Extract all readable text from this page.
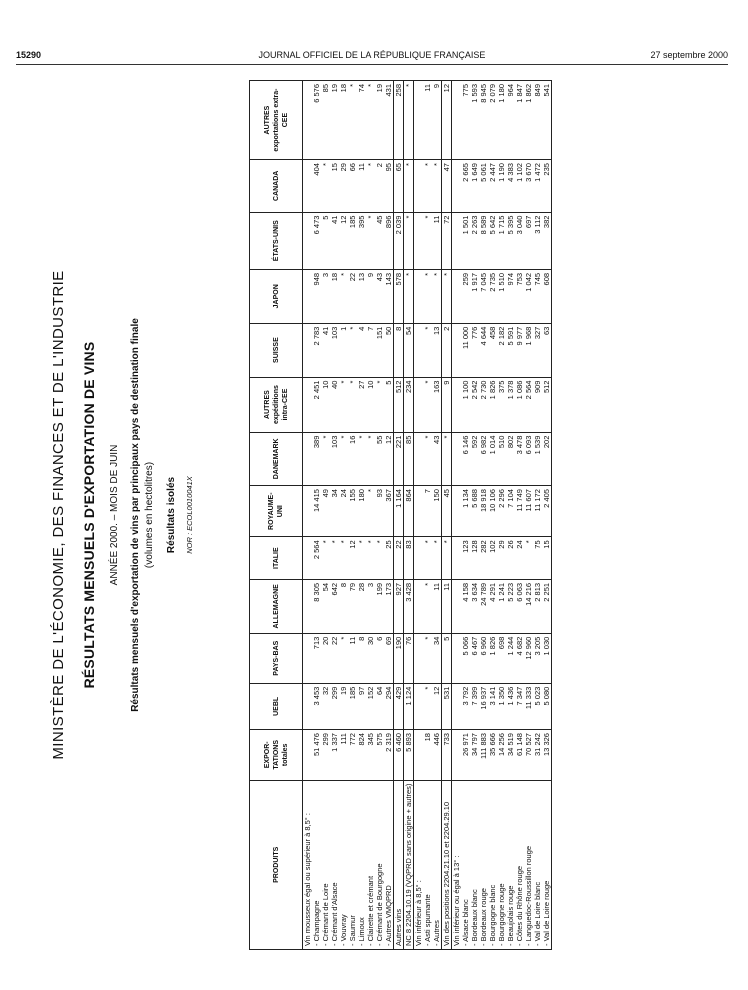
15290	JOURNAL OFFICIEL DE LA RÉPUBLIQUE FRANÇAISE	27 septembre 2000
MINISTÈRE DE L'ÉCONOMIE, DES FINANCES ET DE L'INDUSTRIE RÉSULTATS MENSUELS D'EXPORTATION DE VINS ANNÉE 2000. – MOIS DE JUIN Résultats mensuels d'exportation de vins par principaux pays de destination finale (volumes en hectolitres) Résultats isolés NOR : ECOL0010041X
PRODUITS	EXPOR-TATIONS totales	UEBL	PAYS-BAS	ALLEMAGNE	ITALIE	ROYAUME-UNI	DANEMARK	AUTRES expéditions intra-CEE	SUISSE	JAPON	ÉTATS-UNIS	CANADA	AUTRES exportations extra-CEE
Vin mousseux égal ou supérieur à 8,5° :													
- Champagne	51 476	3 453	713	8 305	2 564	14 415	389	2 451	2 783	948	6 473	404	6 576
- Crémant de Loire	299	32	20	54	*	49	*	10	41	3	5	*	85
- Crémant d'Alsace	1 337	299	22	642	*	34	103	40	103	18	41	15	19
- Vouvray	111	19	*	8	*	24	*	*	1	*	12	29	18
- Saumur	772	185	11	79	12	155	16	*	*	22	185	66	*
- Limoux	824	97	8	28	*	180	*	27	4	13	395	11	74
- Clairette et crémant	345	152	30	3	*	*	*	10	7	9	*	*	*
- Crémant de Bourgogne	575	64	6	199	*	93	55	*	151	43	45	2	19
- Autres VMQPRD	2 319	294	69	173	25	367	12	5	50	143	896	95	431
Autres vins	6 460	429	190	927	22	1 164	221	512	8	578	2 039	65	258
NC 8 2204.10.19 (VQPRD sans origine + autres)	5 893	1 124	76	3 428	83	864	85	234	54	*	*	*	*
Vin inférieur à 8,5° :													
- Asti spumante	18	*	*	*	*	7	*	*	*	*	*	*	11
- Autres	446	12	34	11	*	150	43	163	13	*	11	*	9
Vin des positions 2204.21.10 et 2204.29.10	733	531	5	11	*	45	*	9	2	*	72	47	12
Vin inférieur ou égal à 13° :													
- Alsace blanc	26 971	3 792	5 066	4 158	123	1 134	6 146	1 100	11 000	259	1 501	2 665	775
- Bordeaux blanc	34 797	7 399	6 467	3 634	128	5 688	592	2 542	776	1 917	2 263	1 649	1 593
- Bordeaux rouge	111 883	16 937	6 960	24 789	282	18 918	6 982	2 730	4 644	7 045	8 589	5 061	8 945
- Bourgogne blanc	35 666	3 141	1 826	4 291	102	10 106	1 014	1 826	458	2 735	5 642	2 447	2 079
- Bourgogne rouge	14 256	1 350	698	1 241	29	2 296	510	375	2 182	1 510	1 715	1 190	1 180
- Beaujolais rouge	34 519	1 436	1 244	5 223	26	7 104	802	1 378	5 591	974	5 395	4 383	964
- Côtes du Rhône rouge	61 148	7 347	4 682	6 063	24	11 749	3 478	1 086	9 977	753	3 040	1 102	1 847
- Languedoc-Roussillon rouge	70 527	11 333	12 960	14 216	*	11 607	6 093	2 564	1 968	1 042	697	3 670	1 862
- Val de Loire blanc	31 242	5 023	3 205	2 813	75	11 172	1 539	909	327	745	3 112	1 472	849
- Val de Loire rouge	13 326	5 080	1 030	2 251	15	2 405	202	512	63	608	382	235	541
